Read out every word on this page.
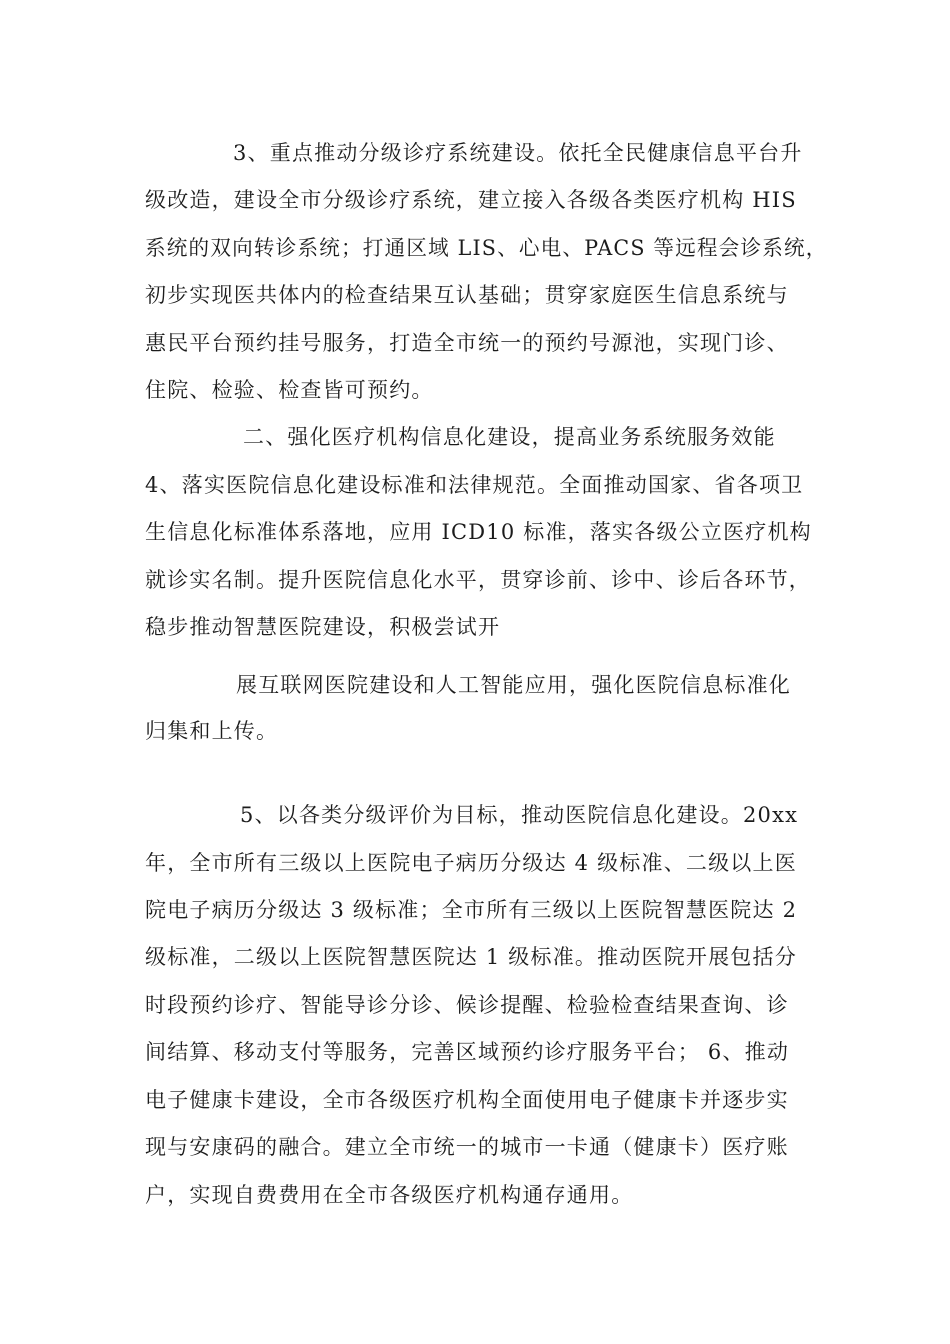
3、重点推动分级诊疗系统建设。依托全民健康信息平台升
级改造，建设全市分级诊疗系统，建立接入各级各类医疗机构 HIS
系统的双向转诊系统；打通区域 LIS、心电、PACS 等远程会诊系统，
初步实现医共体内的检查结果互认基础；贯穿家庭医生信息系统与
惠民平台预约挂号服务，打造全市统一的预约号源池，实现门诊、
住院、检验、检查皆可预约。
二、强化医疗机构信息化建设，提高业务系统服务效能
4、落实医院信息化建设标准和法律规范。全面推动国家、省各项卫
生信息化标准体系落地，应用 ICD10 标准，落实各级公立医疗机构
就诊实名制。提升医院信息化水平，贯穿诊前、诊中、诊后各环节，
稳步推动智慧医院建设，积极尝试开
展互联网医院建设和人工智能应用，强化医院信息标准化
归集和上传。
5、以各类分级评价为目标，推动医院信息化建设。20xx
年，全市所有三级以上医院电子病历分级达 4 级标准、二级以上医
院电子病历分级达 3 级标准；全市所有三级以上医院智慧医院达 2
级标准，二级以上医院智慧医院达 1 级标准。推动医院开展包括分
时段预约诊疗、智能导诊分诊、候诊提醒、检验检查结果查询、诊
间结算、移动支付等服务，完善区域预约诊疗服务平台； 6、推动
电子健康卡建设，全市各级医疗机构全面使用电子健康卡并逐步实
现与安康码的融合。建立全市统一的城市一卡通（健康卡）医疗账
户，实现自费费用在全市各级医疗机构通存通用。
